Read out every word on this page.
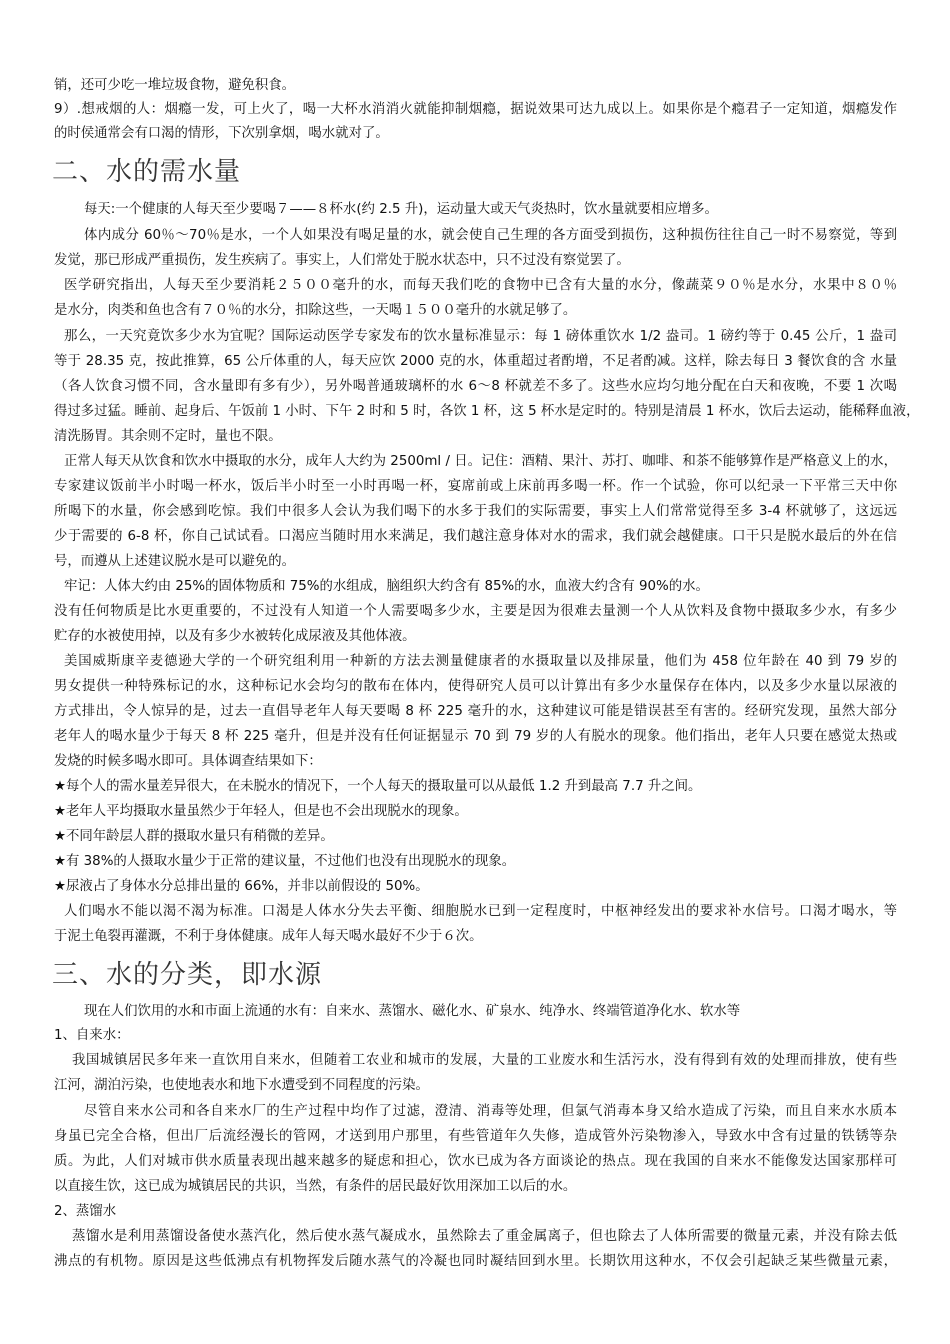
销，还可少吃一堆垃圾食物，避免积食。

9）.想戒烟的人：烟瘾一发，可上火了，喝一大杯水消消火就能抑制烟瘾，据说效果可达九成以上。如果你是个瘾君子一定知道，烟瘾发作

的时侯通常会有口渴的情形，下次别拿烟，喝水就对了。

二、水的需水量

每天:一个健康的人每天至少要喝７——８杯水(约 2.5 升)，运动量大或天气炎热时，饮水量就要相应增多。

体内成分 60％～70％是水，一个人如果没有喝足量的水，就会使自己生理的各方面受到损伤，这种损伤往往自己一时不易察觉，等到

发觉，那已形成严重损伤，发生疾病了。事实上，人们常处于脱水状态中，只不过没有察觉罢了。

医学研究指出，人每天至少要消耗２５００毫升的水，而每天我们吃的食物中已含有大量的水分，像蔬菜９０％是水分，水果中８０％

是水分，肉类和鱼也含有７０％的水分，扣除这些，一天喝１５００毫升的水就足够了。

那么，一天究竟饮多少水为宜呢？国际运动医学专家发布的饮水量标准显示：每 1 磅体重饮水 1/2 盎司。1 磅约等于 0.45 公斤，1 盎司

等于 28.35 克，按此推算，65 公斤体重的人，每天应饮 2000 克的水，体重超过者酌增，不足者酌减。这样，除去每日 3 餐饮食的含 水量

（各人饮食习惯不同，含水量即有多有少），另外喝普通玻璃杯的水 6～8 杯就差不多了。这些水应均匀地分配在白天和夜晚，不要 1 次喝

得过多过猛。睡前、起身后、午饭前 1 小时、下午 2 时和 5 时，各饮 1 杯，这 5 杯水是定时的。特别是清晨 1 杯水，饮后去运动，能稀释血液，

清洗肠胃。其余则不定时，量也不限。

正常人每天从饮食和饮水中摄取的水分，成年人大约为 2500ml / 日。记住：酒精、果汁、苏打、咖啡、和茶不能够算作是严格意义上的水，

专家建议饭前半小时喝一杯水，饭后半小时至一小时再喝一杯，宴席前或上床前再多喝一杯。作一个试验，你可以纪录一下平常三天中你

所喝下的水量，你会感到吃惊。我们中很多人会认为我们喝下的水多于我们的实际需要，事实上人们常常觉得至多 3-4 杯就够了，这远远

少于需要的 6-8 杯，你自己试试看。口渴应当随时用水来满足，我们越注意身体对水的需求，我们就会越健康。口干只是脱水最后的外在信

号，而遵从上述建议脱水是可以避免的。

牢记：人体大约由 25%的固体物质和 75%的水组成，脑组织大约含有 85%的水，血液大约含有 90%的水。

没有任何物质是比水更重要的，不过没有人知道一个人需要喝多少水，主要是因为很难去量测一个人从饮料及食物中摄取多少水，有多少

贮存的水被使用掉，以及有多少水被转化成尿液及其他体液。

美国威斯康辛麦德逊大学的一个研究组利用一种新的方法去测量健康者的水摄取量以及排尿量，他们为 458 位年龄在 40 到 79 岁的

男女提供一种特殊标记的水，这种标记水会均匀的散布在体内，使得研究人员可以计算出有多少水量保存在体内，以及多少水量以尿液的

方式排出，令人惊异的是，过去一直倡导老年人每天要喝 8 杯 225 毫升的水，这种建议可能是错误甚至有害的。经研究发现，虽然大部分

老年人的喝水量少于每天 8 杯 225 毫升，但是并没有任何证据显示 70 到 79 岁的人有脱水的现象。他们指出，老年人只要在感觉太热或

发烧的时候多喝水即可。具体调查结果如下：

★每个人的需水量差异很大，在未脱水的情况下，一个人每天的摄取量可以从最低 1.2 升到最高 7.7 升之间。

★老年人平均摄取水量虽然少于年轻人，但是也不会出现脱水的现象。

★不同年龄层人群的摄取水量只有稍微的差异。

★有 38%的人摄取水量少于正常的建议量，不过他们也没有出现脱水的现象。

★尿液占了身体水分总排出量的 66%，并非以前假设的 50%。

人们喝水不能以渴不渴为标准。口渴是人体水分失去平衡、细胞脱水已到一定程度时，中枢神经发出的要求补水信号。口渴才喝水，等

于泥土龟裂再灌溉，不利于身体健康。成年人每天喝水最好不少于６次。

三、水的分类，即水源

现在人们饮用的水和市面上流通的水有：自来水、蒸馏水、磁化水、矿泉水、纯净水、终端管道净化水、软水等

1、自来水：

我国城镇居民多年来一直饮用自来水，但随着工农业和城市的发展，大量的工业废水和生活污水，没有得到有效的处理而排放，使有些

江河，湖泊污染，也使地表水和地下水遭受到不同程度的污染。

尽管自来水公司和各自来水厂的生产过程中均作了过滤，澄清、消毒等处理，但氯气消毒本身又给水造成了污染，而且自来水水质本

身虽已完全合格，但出厂后流经漫长的管网，才送到用户那里，有些管道年久失修，造成管外污染物渗入，导致水中含有过量的铁锈等杂

质。为此，人们对城市供水质量表现出越来越多的疑虑和担心，饮水已成为各方面谈论的热点。现在我国的自来水不能像发达国家那样可

以直接生饮，这已成为城镇居民的共识，当然，有条件的居民最好饮用深加工以后的水。

2、蒸馏水

蒸馏水是利用蒸馏设备使水蒸汽化，然后使水蒸气凝成水，虽然除去了重金属离子，但也除去了人体所需要的微量元素，并没有除去低

沸点的有机物。原因是这些低沸点有机物挥发后随水蒸气的冷凝也同时凝结回到水里。长期饮用这种水，不仅会引起缺乏某些微量元素，
